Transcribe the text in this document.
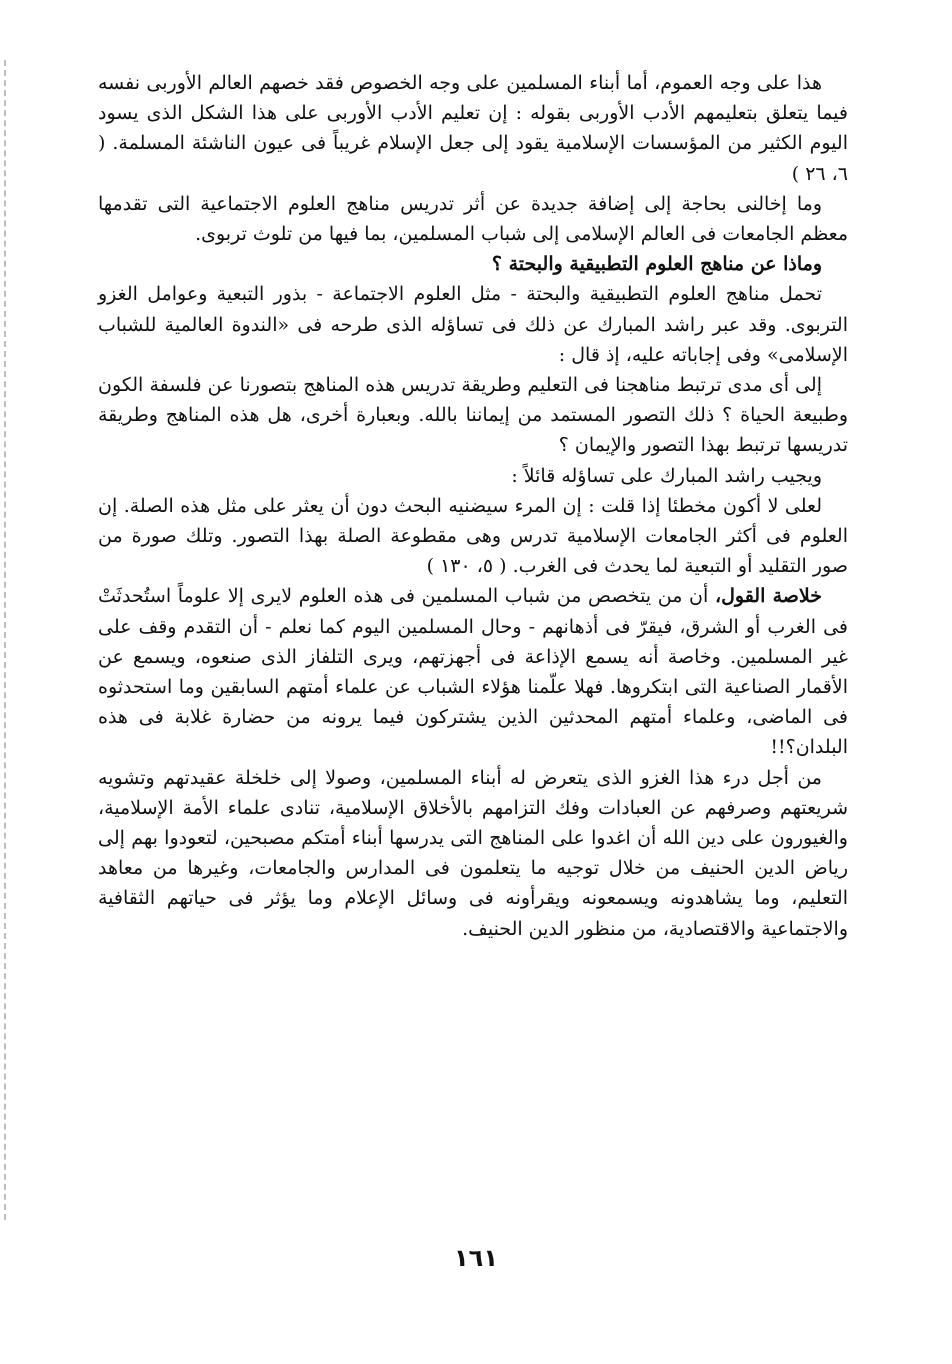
هذا على وجه العموم، أما أبناء المسلمين على وجه الخصوص فقد خصهم العالم الأوربى نفسه فيما يتعلق بتعليمهم الأدب الأوربى بقوله : إن تعليم الأدب الأوربى على هذا الشكل الذى يسود اليوم الكثير من المؤسسات الإسلامية يقود إلى جعل الإسلام غريباً فى عيون الناشئة المسلمة. ( ٦، ٢٦ )

وما إخالنى بحاجة إلى إضافة جديدة عن أثر تدريس مناهج العلوم الاجتماعية التى تقدمها معظم الجامعات فى العالم الإسلامى إلى شباب المسلمين، بما فيها من تلوث تربوى.

وماذا عن مناهج العلوم التطبيقية والبحتة ؟

تحمل مناهج العلوم التطبيقية والبحتة - مثل العلوم الاجتماعة - بذور التبعية وعوامل الغزو التربوى. وقد عبر راشد المبارك عن ذلك فى تساؤله الذى طرحه فى «الندوة العالمية للشباب الإسلامى» وفى إجاباته عليه، إذ قال :

إلى أى مدى ترتبط مناهجنا فى التعليم وطريقة تدريس هذه المناهج بتصورنا عن فلسفة الكون وطبيعة الحياة ؟ ذلك التصور المستمد من إيماننا بالله. وبعبارة أخرى، هل هذه المناهج وطريقة تدريسها ترتبط بهذا التصور والإيمان ؟

ويجيب راشد المبارك على تساؤله قائلاً :

لعلى لا أكون مخطئا إذا قلت : إن المرء سيضنيه البحث دون أن يعثر على مثل هذه الصلة. إن العلوم فى أكثر الجامعات الإسلامية تدرس وهى مقطوعة الصلة بهذا التصور. وتلك صورة من صور التقليد أو التبعية لما يحدث فى الغرب. ( ٥، ١٣٠ )

خلاصة القول، أن من يتخصص من شباب المسلمين فى هذه العلوم لايرى إلا علوماً استُحدثَتْ فى الغرب أو الشرق، فيقرّ فى أذهانهم - وحال المسلمين اليوم كما نعلم - أن التقدم وقف على غير المسلمين. وخاصة أنه يسمع الإذاعة فى أجهزتهم، ويرى التلفاز الذى صنعوه، ويسمع عن الأقمار الصناعية التى ابتكروها. فهلا علّمنا هؤلاء الشباب عن علماء أمتهم السابقين وما استحدثوه فى الماضى، وعلماء أمتهم المحدثين الذين يشتركون فيما يرونه من حضارة غلابة فى هذه البلدان؟!!

من أجل درء هذا الغزو الذى يتعرض له أبناء المسلمين، وصولا إلى خلخلة عقيدتهم وتشويه شريعتهم وصرفهم عن العبادات وفك التزامهم بالأخلاق الإسلامية، تنادى علماء الأمة الإسلامية، والغيورون على دين الله أن اغدوا على المناهج التى يدرسها أبناء أمتكم مصبحين، لتعودوا بهم إلى رياض الدين الحنيف من خلال توجيه ما يتعلمون فى المدارس والجامعات، وغيرها من معاهد التعليم، وما يشاهدونه ويسمعونه ويقرأونه فى وسائل الإعلام وما يؤثر فى حياتهم الثقافية والاجتماعية والاقتصادية، من منظور الدين الحنيف.

١٦١
